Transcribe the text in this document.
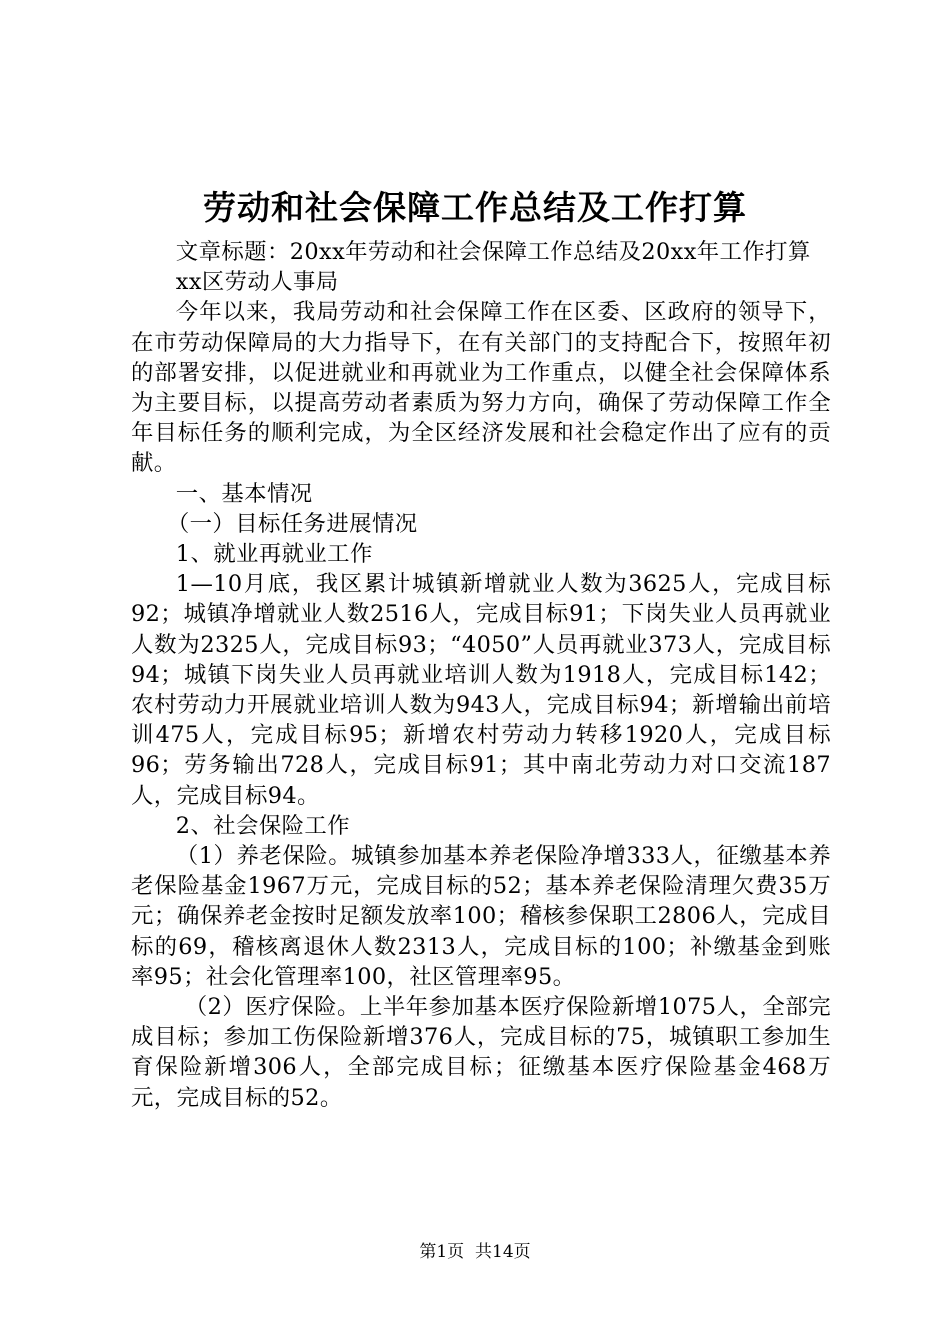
劳动和社会保障工作总结及工作打算

文章标题：20xx年劳动和社会保障工作总结及20xx年工作打算

xx区劳动人事局

今年以来，我局劳动和社会保障工作在区委、区政府的领导下，在市劳动保障局的大力指导下，在有关部门的支持配合下，按照年初的部署安排，以促进就业和再就业为工作重点，以健全社会保障体系为主要目标，以提高劳动者素质为努力方向，确保了劳动保障工作全年目标任务的顺利完成，为全区经济发展和社会稳定作出了应有的贡献。

一、基本情况

（一）目标任务进展情况

1、就业再就业工作

1—10月底，我区累计城镇新增就业人数为3625人，完成目标92；城镇净增就业人数2516人，完成目标91；下岗失业人员再就业人数为2325人，完成目标93；“4050”人员再就业373人，完成目标94；城镇下岗失业人员再就业培训人数为1918人，完成目标142；农村劳动力开展就业培训人数为943人，完成目标94；新增输出前培训475人，完成目标95；新增农村劳动力转移1920人，完成目标96；劳务输出728人，完成目标91；其中南北劳动力对口交流187人，完成目标94。

2、社会保险工作

（1）养老保险。城镇参加基本养老保险净增333人，征缴基本养老保险基金1967万元，完成目标的52；基本养老保险清理欠费35万元；确保养老金按时足额发放率100；稽核参保职工2806人，完成目标的69，稽核离退休人数2313人，完成目标的100；补缴基金到账率95；社会化管理率100，社区管理率95。

（2）医疗保险。上半年参加基本医疗保险新增1075人，全部完成目标；参加工伤保险新增376人，完成目标的75，城镇职工参加生育保险新增306人，全部完成目标；征缴基本医疗保险基金468万元，完成目标的52。

第1页 共14页
